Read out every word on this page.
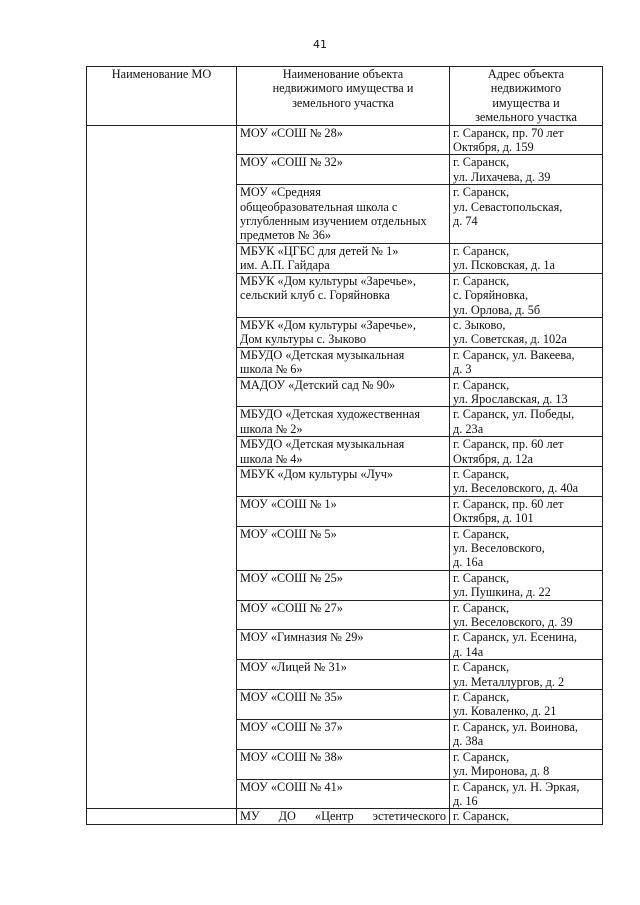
41
Наименование МО	Наименование объекта
недвижимого имущества и
земельного участка	Адрес объекта
недвижимого
имущества и
земельного участка

	МОУ «СОШ № 28»	г. Саранск, пр. 70 лет
Октября, д. 159

	МОУ «СОШ № 32»	г. Саранск,
ул. Лихачева, д. 39

	МОУ «Средняя
общеобразовательная школа с
углубленным изучением отдельных
предметов № 36»	г. Саранск,
ул. Севастопольская,
д. 74

	МБУК «ЦГБС для детей № 1»
им. А.П. Гайдара	г. Саранск,
ул. Псковская, д. 1а

	МБУК «Дом культуры «Заречье»,
сельский клуб с. Горяйновка	г. Саранск,
с. Горяйновка,
ул. Орлова, д. 5б

	МБУК «Дом культуры «Заречье»,
Дом культуры с. Зыково	с. Зыково,
ул. Советская, д. 102а

	МБУДО «Детская музыкальная
школа № 6»	г. Саранск, ул. Вакеева,
д. 3

	МАДОУ «Детский сад № 90»	г. Саранск,
ул. Ярославская, д. 13

	МБУДО «Детская художественная
школа № 2»	г. Саранск, ул. Победы,
д. 23а

	МБУДО «Детская музыкальная
школа № 4»	г. Саранск, пр. 60 лет
Октября, д. 12а

	МБУК «Дом культуры «Луч»	г. Саранск,
ул. Веселовского, д. 40а

	МОУ «СОШ № 1»	г. Саранск, пр. 60 лет
Октября, д. 101

	МОУ «СОШ № 5»	г. Саранск,
ул. Веселовского,
д. 16а

	МОУ «СОШ № 25»	г. Саранск,
ул. Пушкина, д. 22

	МОУ «СОШ № 27»	г. Саранск,
ул. Веселовского, д. 39

	МОУ «Гимназия № 29»	г. Саранск, ул. Есенина,
д. 14а

	МОУ «Лицей № 31»	г. Саранск,
ул. Металлургов, д. 2

	МОУ «СОШ № 35»	г. Саранск,
ул. Коваленко, д. 21

	МОУ «СОШ № 37»	г. Саранск, ул. Воинова,
д. 38а

	МОУ «СОШ № 38»	г. Саранск,
ул. Миронова, д. 8

	МОУ «СОШ № 41»	г. Саранск, ул. Н. Эркая,
д. 16

	МУ ДО «Центр эстетического	г. Саранск,
